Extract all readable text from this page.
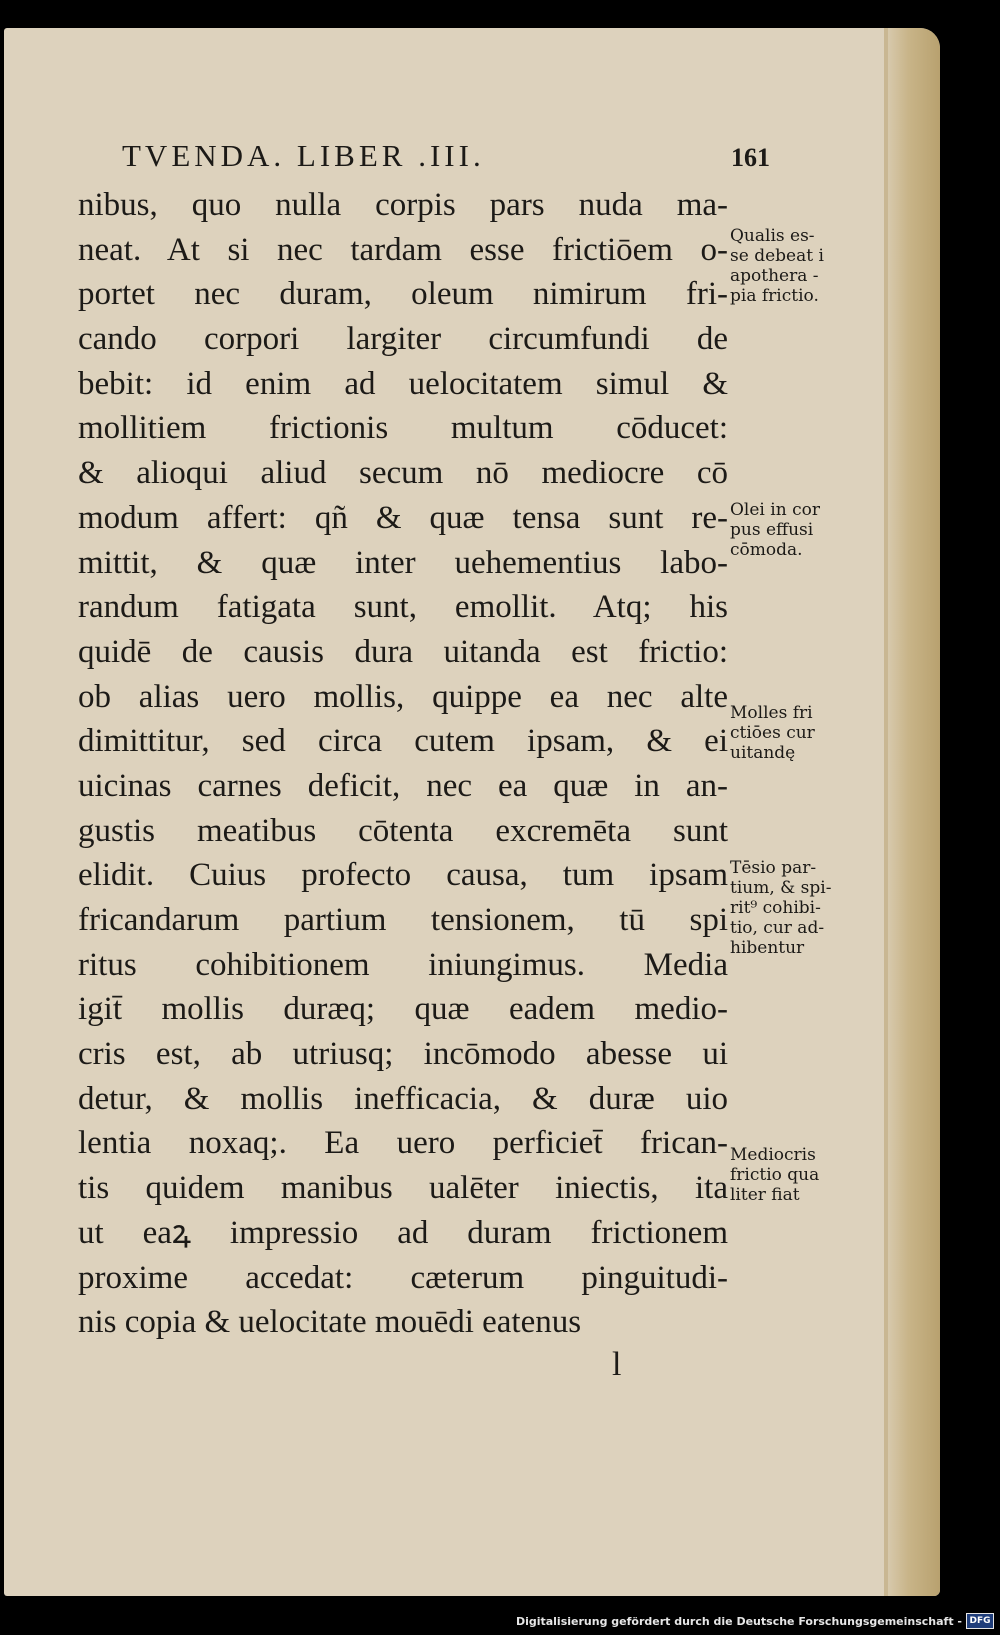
TVENDA. LIBER .III.	161
nibus, quo nulla corpis pars nuda ma-
neat. At si nec tardam esse frictiōem o-
portet nec duram, oleum nimirum fri-
cando corpori largiter circumfundi de
bebit: id enim ad uelocitatem simul &
mollitiem frictionis multum cōducet:
& alioqui aliud secum nō mediocre cō
modum affert: qñ & quæ tensa sunt re-
mittit, & quæ inter uehementius labo-
randum fatigata sunt, emollit. Atq; his
quidē de causis dura uitanda est frictio:
ob alias uero mollis, quippe ea nec alte
dimittitur, sed circa cutem ipsam, & ei
uicinas carnes deficit, nec ea quæ in an-
gustis meatibus cōtenta excremēta sunt
elidit. Cuius profecto causa, tum ipsam
fricandarum partium tensionem, tū spi
ritus cohibitionem iniungimus. Media
igit̄ mollis duræq; quæ eadem medio-
cris est, ab utriusq; incōmodo abesse ui
detur, & mollis inefficacia, & duræ uio
lentia noxaq;. Ea uero perficiet̄ frican-
tis quidem manibus ualēter iniectis, ita
ut eaꝝ impressio ad duram frictionem
proxime accedat: cæterum pinguitudi-
nis copia & uelocitate mouēdi eatenus
l
Qualis es-
se debeat i
apothera -
pia frictio.
Olei in cor
pus effusi
cōmoda.
Molles fri
ctiōes cur
uitandę
Tēsio par-
tium, & spi-
rit⁹ cohibi-
tio, cur ad-
hibentur
Mediocris
frictio qua
liter fiat
Digitalisierung gefördert durch die Deutsche Forschungsgemeinschaft - DFG
